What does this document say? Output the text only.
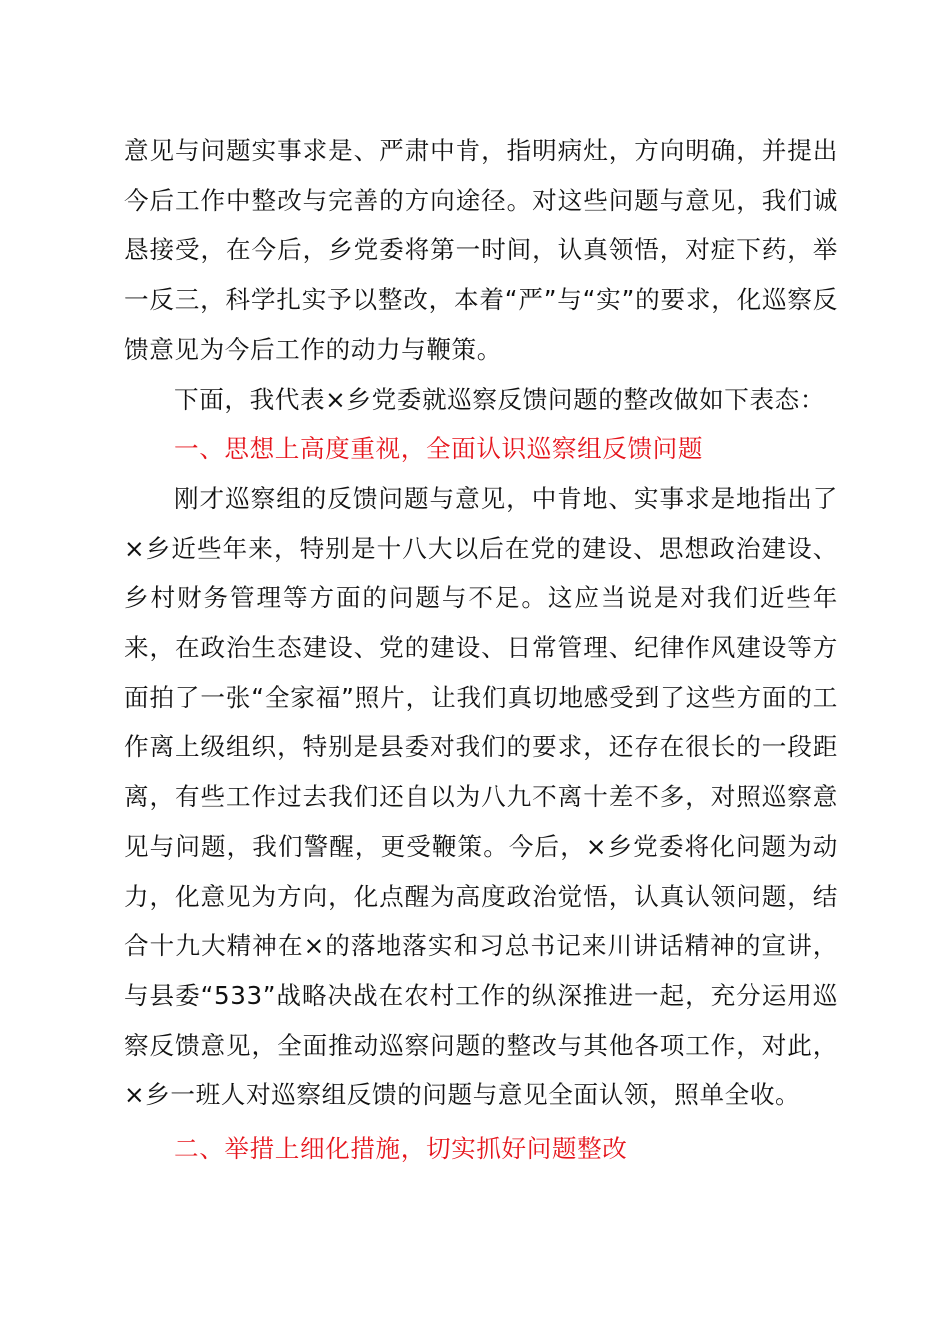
意见与问题实事求是、严肃中肯，指明病灶，方向明确，并提出今后工作中整改与完善的方向途径。对这些问题与意见，我们诚恳接受，在今后，乡党委将第一时间，认真领悟，对症下药，举一反三，科学扎实予以整改，本着“严”与“实”的要求，化巡察反馈意见为今后工作的动力与鞭策。

下面，我代表×乡党委就巡察反馈问题的整改做如下表态：

一、思想上高度重视，全面认识巡察组反馈问题

刚才巡察组的反馈问题与意见，中肯地、实事求是地指出了×乡近些年来，特别是十八大以后在党的建设、思想政治建设、乡村财务管理等方面的问题与不足。这应当说是对我们近些年来，在政治生态建设、党的建设、日常管理、纪律作风建设等方面拍了一张“全家福”照片，让我们真切地感受到了这些方面的工作离上级组织，特别是县委对我们的要求，还存在很长的一段距离，有些工作过去我们还自以为八九不离十差不多，对照巡察意见与问题，我们警醒，更受鞭策。今后，×乡党委将化问题为动力，化意见为方向，化点醒为高度政治觉悟，认真认领问题，结合十九大精神在×的落地落实和习总书记来川讲话精神的宣讲，与县委“533”战略决战在农村工作的纵深推进一起，充分运用巡察反馈意见，全面推动巡察问题的整改与其他各项工作，对此，×乡一班人对巡察组反馈的问题与意见全面认领，照单全收。

二、举措上细化措施，切实抓好问题整改
